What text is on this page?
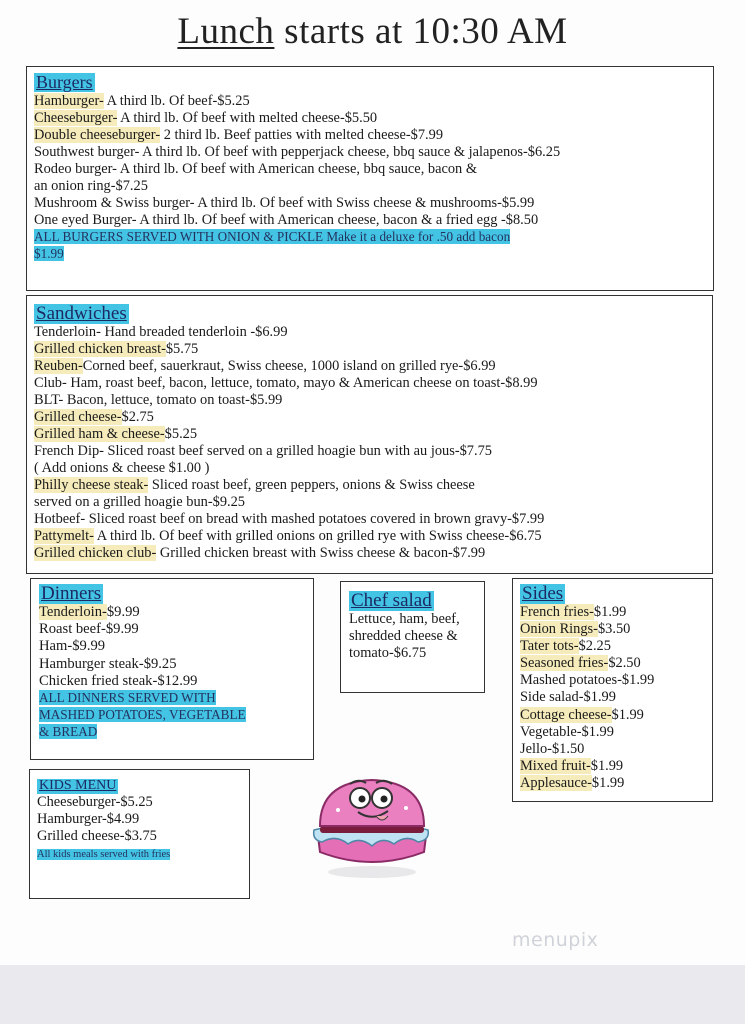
Lunch starts at 10:30 AM
Burgers
Hamburger- A third lb. Of beef-$5.25
Cheeseburger- A third lb. Of beef with melted cheese-$5.50
Double cheeseburger- 2 third lb. Beef patties with melted cheese-$7.99
Southwest burger- A third lb. Of beef with pepperjack cheese, bbq sauce & jalapenos-$6.25
Rodeo burger- A third lb. Of beef with American cheese, bbq sauce, bacon &
an onion ring-$7.25
Mushroom & Swiss burger- A third lb. Of beef with Swiss cheese & mushrooms-$5.99
One eyed Burger- A third lb. Of beef with American cheese, bacon & a fried egg -$8.50
ALL BURGERS SERVED WITH ONION & PICKLE Make it a deluxe for .50 add bacon
$1.99
Sandwiches
Tenderloin- Hand breaded tenderloin -$6.99
Grilled chicken breast-$5.75
Reuben-Corned beef, sauerkraut, Swiss cheese, 1000 island on grilled rye-$6.99
Club- Ham, roast beef, bacon, lettuce, tomato, mayo & American cheese on toast-$8.99
BLT- Bacon, lettuce, tomato on toast-$5.99
Grilled cheese-$2.75
Grilled ham & cheese-$5.25
French Dip- Sliced roast beef served on a grilled hoagie bun with au jous-$7.75
( Add onions & cheese $1.00 )
Philly cheese steak- Sliced roast beef, green peppers, onions & Swiss cheese
served on a grilled hoagie bun-$9.25
Hotbeef- Sliced roast beef on bread with mashed potatoes covered in brown gravy-$7.99
Pattymelt- A third lb. Of beef with grilled onions on grilled rye with Swiss cheese-$6.75
Grilled chicken club- Grilled chicken breast with Swiss cheese & bacon-$7.99
Dinners
Tenderloin-$9.99
Roast beef-$9.99
Ham-$9.99
Hamburger steak-$9.25
Chicken fried steak-$12.99
ALL DINNERS SERVED WITH
MASHED POTATOES, VEGETABLE
& BREAD
Chef salad
Lettuce, ham, beef, shredded cheese & tomato-$6.75
Sides
French fries-$1.99
Onion Rings-$3.50
Tater tots-$2.25
Seasoned fries-$2.50
Mashed potatoes-$1.99
Side salad-$1.99
Cottage cheese-$1.99
Vegetable-$1.99
Jello-$1.50
Mixed fruit-$1.99
Applesauce-$1.99
KIDS MENU
Cheeseburger-$5.25
Hamburger-$4.99
Grilled cheese-$3.75
All kids meals served with fries
menupix
